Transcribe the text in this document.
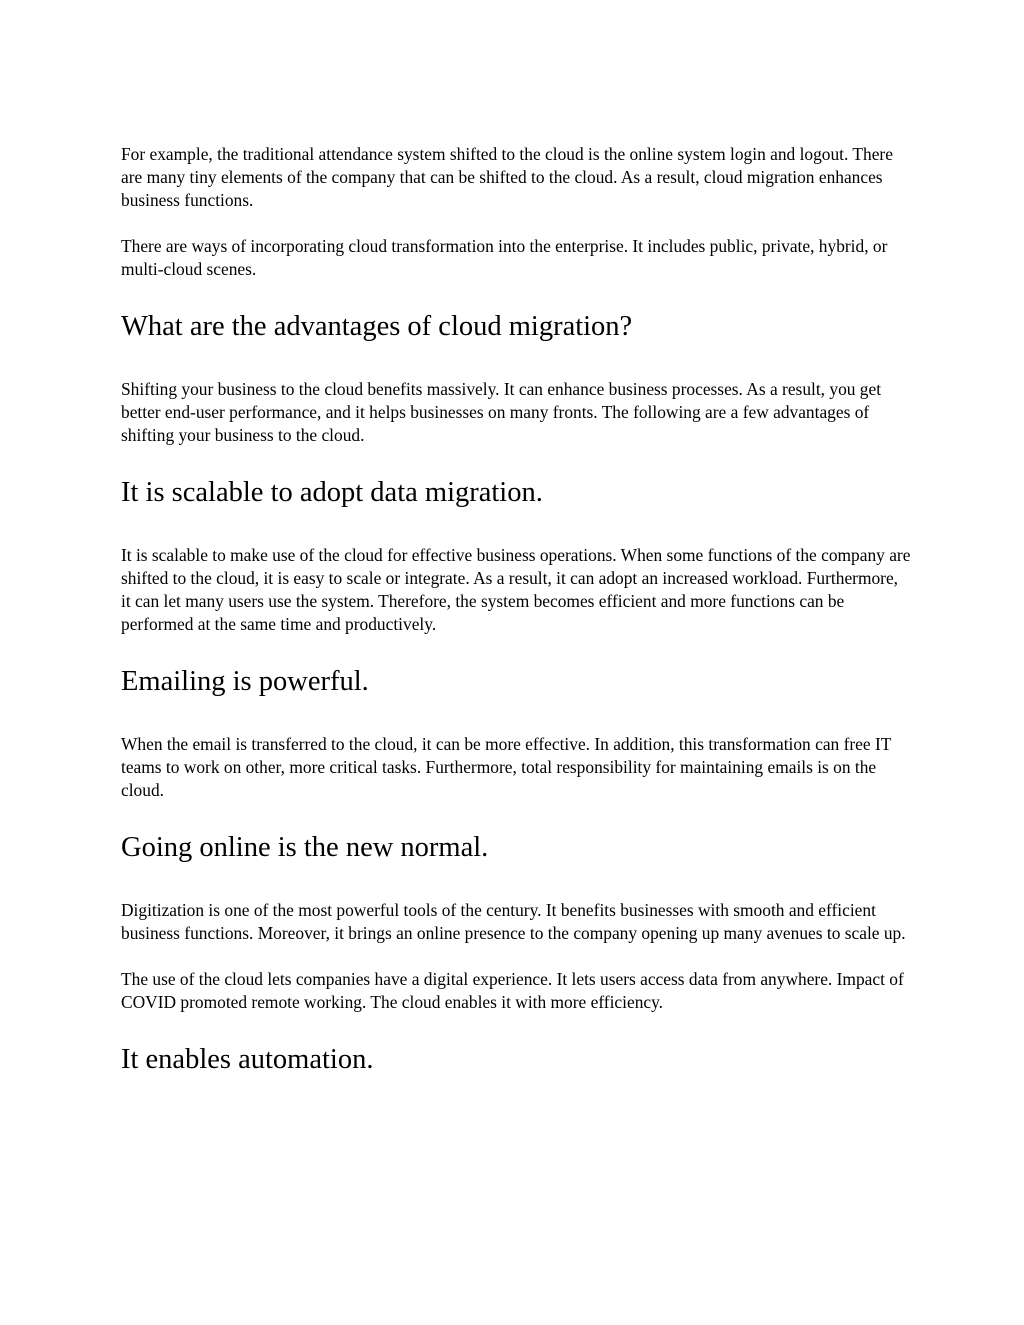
For example, the traditional attendance system shifted to the cloud is the online system login and logout. There are many tiny elements of the company that can be shifted to the cloud. As a result, cloud migration enhances business functions.

There are ways of incorporating cloud transformation into the enterprise. It includes public, private, hybrid, or multi-cloud scenes.

What are the advantages of cloud migration?

Shifting your business to the cloud benefits massively. It can enhance business processes. As a result, you get better end-user performance, and it helps businesses on many fronts. The following are a few advantages of shifting your business to the cloud.

It is scalable to adopt data migration.

It is scalable to make use of the cloud for effective business operations. When some functions of the company are shifted to the cloud, it is easy to scale or integrate. As a result, it can adopt an increased workload. Furthermore, it can let many users use the system. Therefore, the system becomes efficient and more functions can be performed at the same time and productively.

Emailing is powerful.

When the email is transferred to the cloud, it can be more effective. In addition, this transformation can free IT teams to work on other, more critical tasks. Furthermore, total responsibility for maintaining emails is on the cloud.

Going online is the new normal.

Digitization is one of the most powerful tools of the century. It benefits businesses with smooth and efficient business functions. Moreover, it brings an online presence to the company opening up many avenues to scale up.

The use of the cloud lets companies have a digital experience. It lets users access data from anywhere. Impact of COVID promoted remote working. The cloud enables it with more efficiency.

It enables automation.
